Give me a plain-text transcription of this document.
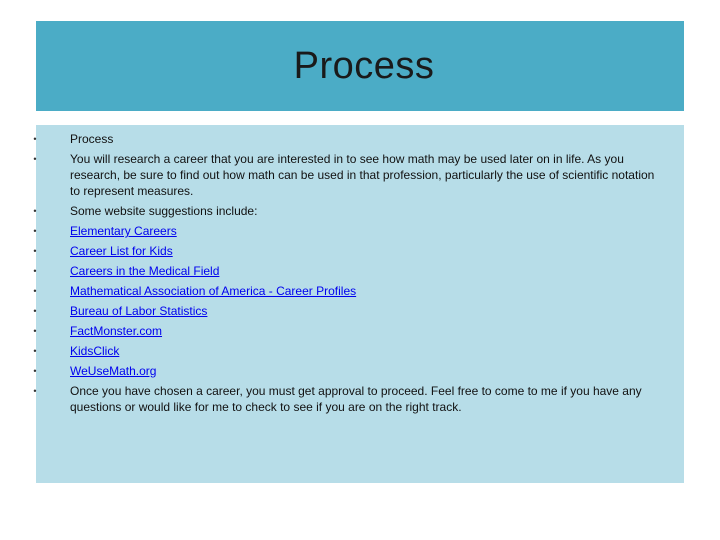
Process
•	Process
•	You will research a career that you are interested in to see how math may be used later on in life. As you research, be sure to find out how math can be used in that profession, particularly the use of scientific notation to represent measures.
•	Some website suggestions include:
•	Elementary Careers
•	Career List for Kids
•	Careers in the Medical Field
•	Mathematical Association of America - Career Profiles
•	Bureau of Labor Statistics
•	FactMonster.com
•	KidsClick
•	WeUseMath.org
•	Once you have chosen a career, you must get approval to proceed. Feel free to come to me if you have any questions or would like for me to check to see if you are on the right track.
